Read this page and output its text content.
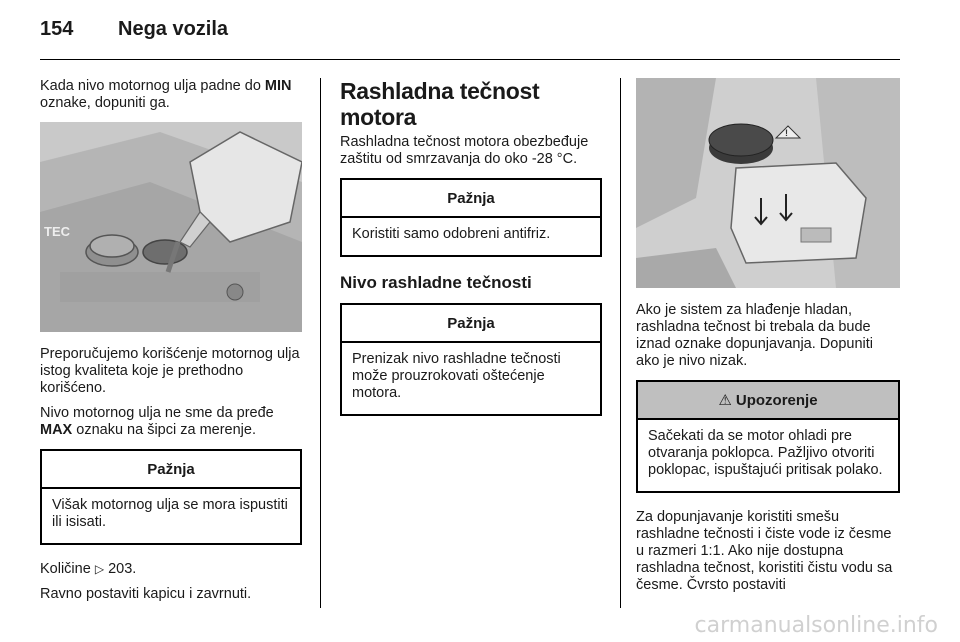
154	Nega vozila

Kada nivo motornog ulja padne do MIN oznake, dopuniti ga.

TEC

Preporučujemo korišćenje motornog ulja istog kvaliteta koje je prethodno korišćeno.

Nivo motornog ulja ne sme da pređe MAX oznaku na šipci za merenje.

Pažnja
Višak motornog ulja se mora ispustiti ili isisati.

Količine ▷ 203.

Ravno postaviti kapicu i zavrnuti.

Rashladna tečnost motora

Rashladna tečnost motora obezbeđuje zaštitu od smrzavanja do oko -28 °C.

Pažnja
Koristiti samo odobreni antifriz.
Nivo rashladne tečnosti
Pažnja
Prenizak nivo rashladne tečnosti može prouzrokovati oštećenje motora.
!

Ako je sistem za hlađenje hladan, rashladna tečnost bi trebala da bude iznad oznake dopunjavanja. Dopuniti ako je nivo nizak.

⚠ Upozorenje
Sačekati da se motor ohladi pre otvaranja poklopca. Pažljivo otvoriti poklopac, ispuštajući pritisak polako.

Za dopunjavanje koristiti smešu rashladne tečnosti i čiste vode iz česme u razmeri 1:1. Ako nije dostupna rashladna tečnost, koristiti čistu vodu sa česme. Čvrsto postaviti

carmanualsonline.info
